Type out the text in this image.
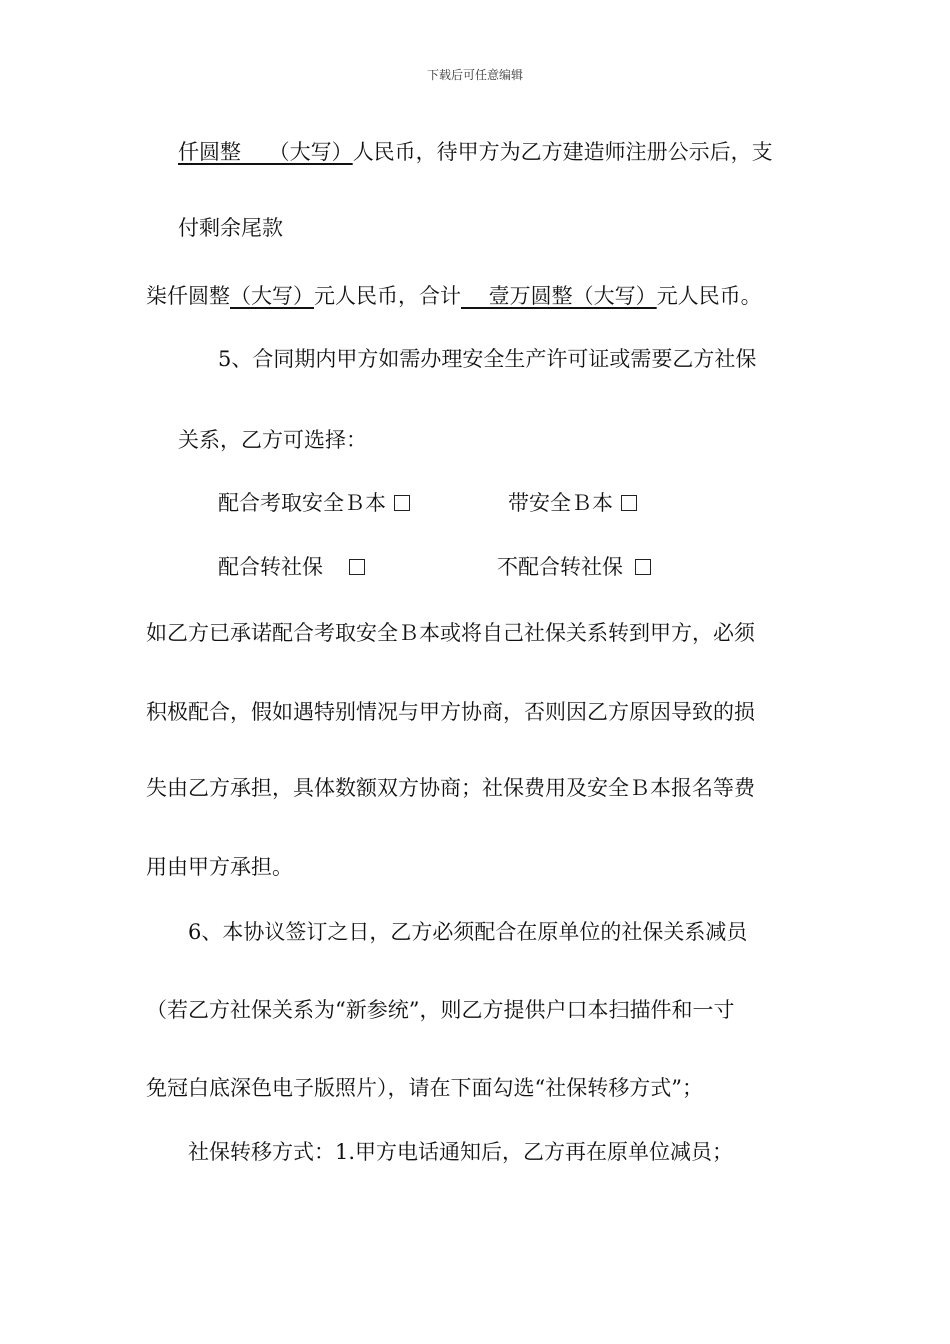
下载后可任意编辑
仟圆整　 （大写）人民币，待甲方为乙方建造师注册公示后，支
付剩余尾款
柒仟圆整（大写）元人民币，合计　 壹万圆整（大写）元人民币。
5、合同期内甲方如需办理安全生产许可证或需要乙方社保
关系，乙方可选择：
配合考取安全Ｂ本	带安全Ｂ本
配合转社保	不配合转社保
如乙方已承诺配合考取安全Ｂ本或将自己社保关系转到甲方，必须
积极配合，假如遇特别情况与甲方协商，否则因乙方原因导致的损
失由乙方承担，具体数额双方协商；社保费用及安全Ｂ本报名等费
用由甲方承担。
6、本协议签订之日，乙方必须配合在原单位的社保关系减员
（若乙方社保关系为“新参统”，则乙方提供户口本扫描件和一寸
免冠白底深色电子版照片），请在下面勾选“社保转移方式”；
社保转移方式：1.甲方电话通知后，乙方再在原单位减员；
